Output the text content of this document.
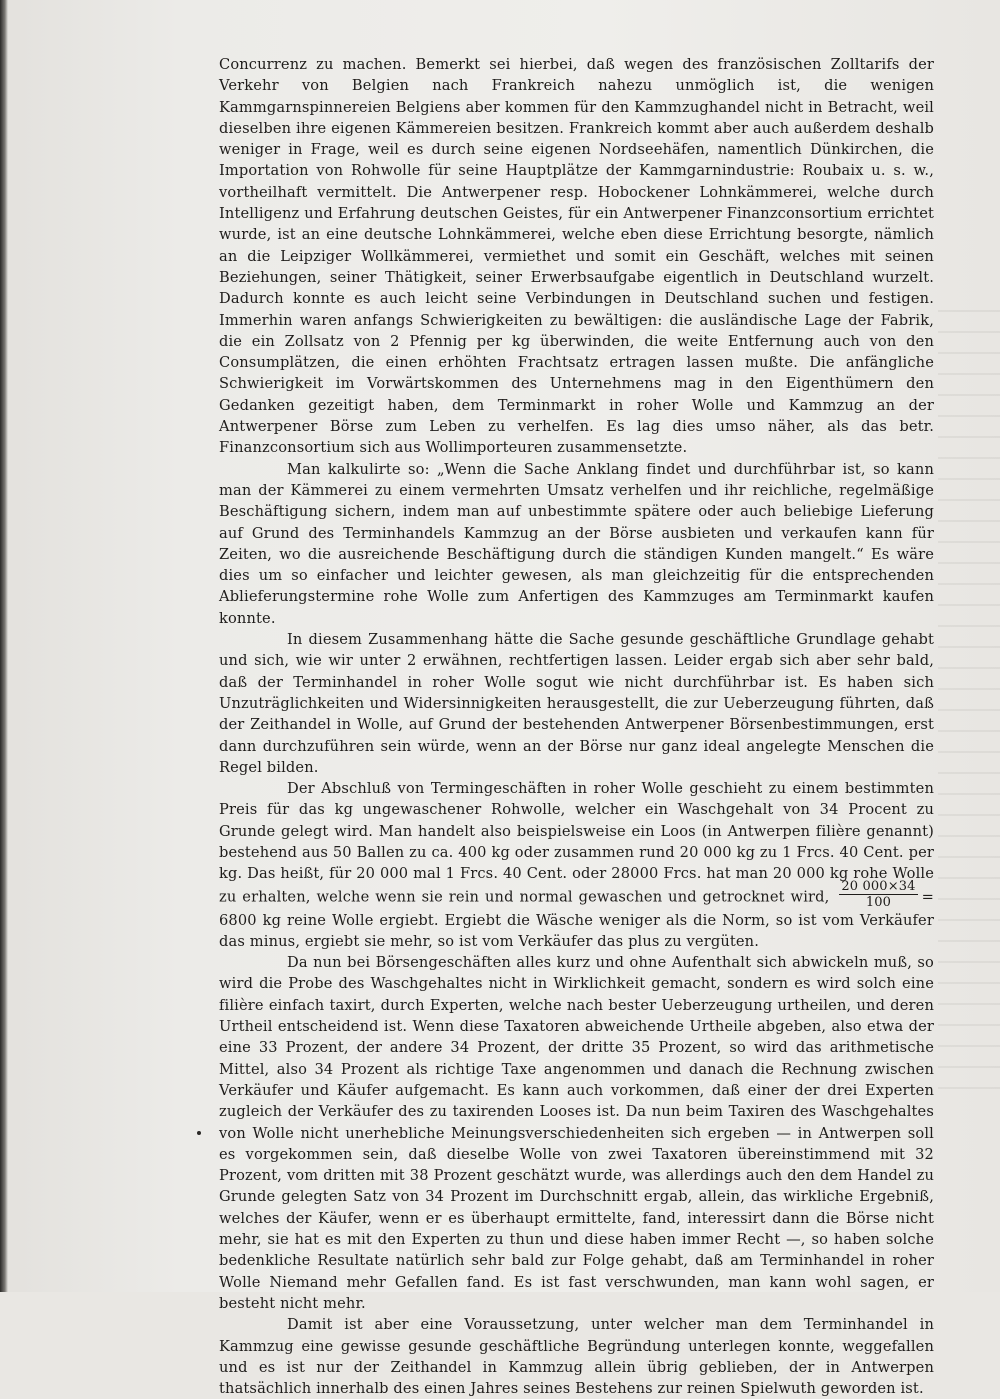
Concurrenz zu machen. Bemerkt sei hierbei, daß wegen des französischen Zolltarifs der Verkehr von Belgien nach Frankreich nahezu unmöglich ist, die wenigen Kammgarnspinnereien Belgiens aber kommen für den Kammzughandel nicht in Betracht, weil dieselben ihre eigenen Kämmereien besitzen. Frankreich kommt aber auch außerdem deshalb weniger in Frage, weil es durch seine eigenen Nordseehäfen, namentlich Dünkirchen, die Importation von Rohwolle für seine Hauptplätze der Kammgarnindustrie: Roubaix u. s. w., vortheilhaft vermittelt. Die Antwerpener resp. Hobockener Lohnkämmerei, welche durch Intelligenz und Erfahrung deutschen Geistes, für ein Antwerpener Finanzconsortium errichtet wurde, ist an eine deutsche Lohnkämmerei, welche eben diese Errichtung besorgte, nämlich an die Leipziger Wollkämmerei, vermiethet und somit ein Geschäft, welches mit seinen Beziehungen, seiner Thätigkeit, seiner Erwerbsaufgabe eigentlich in Deutschland wurzelt. Dadurch konnte es auch leicht seine Verbindungen in Deutschland suchen und festigen. Immerhin waren anfangs Schwierigkeiten zu bewältigen: die ausländische Lage der Fabrik, die ein Zollsatz von 2 Pfennig per kg überwinden, die weite Entfernung auch von den Consumplätzen, die einen erhöhten Frachtsatz ertragen lassen mußte. Die anfängliche Schwierigkeit im Vorwärtskommen des Unternehmens mag in den Eigenthümern den Gedanken gezeitigt haben, dem Terminmarkt in roher Wolle und Kammzug an der Antwerpener Börse zum Leben zu verhelfen. Es lag dies umso näher, als das betr. Finanzconsortium sich aus Wollimporteuren zusammensetzte.

Man kalkulirte so: „Wenn die Sache Anklang findet und durchführbar ist, so kann man der Kämmerei zu einem vermehrten Umsatz verhelfen und ihr reichliche, regelmäßige Beschäftigung sichern, indem man auf unbestimmte spätere oder auch beliebige Lieferung auf Grund des Terminhandels Kammzug an der Börse ausbieten und verkaufen kann für Zeiten, wo die ausreichende Beschäftigung durch die ständigen Kunden mangelt.“ Es wäre dies um so einfacher und leichter gewesen, als man gleichzeitig für die entsprechenden Ablieferungstermine rohe Wolle zum Anfertigen des Kammzuges am Terminmarkt kaufen konnte.

In diesem Zusammenhang hätte die Sache gesunde geschäftliche Grundlage gehabt und sich, wie wir unter 2 erwähnen, rechtfertigen lassen. Leider ergab sich aber sehr bald, daß der Terminhandel in roher Wolle sogut wie nicht durchführbar ist. Es haben sich Unzuträglichkeiten und Widersinnigkeiten herausgestellt, die zur Ueberzeugung führten, daß der Zeithandel in Wolle, auf Grund der bestehenden Antwerpener Börsenbestimmungen, erst dann durchzuführen sein würde, wenn an der Börse nur ganz ideal angelegte Menschen die Regel bilden.

Der Abschluß von Termingeschäften in roher Wolle geschieht zu einem bestimmten Preis für das kg ungewaschener Rohwolle, welcher ein Waschgehalt von 34 Procent zu Grunde gelegt wird. Man handelt also beispielsweise ein Loos (in Antwerpen filière genannt) bestehend aus 50 Ballen zu ca. 400 kg oder zusammen rund 20 000 kg zu 1 Frcs. 40 Cent. per kg. Das heißt, für 20 000 mal 1 Frcs. 40 Cent. oder 28000 Frcs. hat man 20 000 kg rohe Wolle zu erhalten, welche wenn sie rein und normal gewaschen und getrocknet wird, $\frac{20 000\times 34}{100} = 6800$ kg reine Wolle ergiebt. Ergiebt die Wäsche weniger als die Norm, so ist vom Verkäufer das minus, ergiebt sie mehr, so ist vom Verkäufer das plus zu vergüten.

Da nun bei Börsengeschäften alles kurz und ohne Aufenthalt sich abwickeln muß, so wird die Probe des Waschgehaltes nicht in Wirklichkeit gemacht, sondern es wird solch eine filière einfach taxirt, durch Experten, welche nach bester Ueberzeugung urtheilen, und deren Urtheil entscheidend ist. Wenn diese Taxatoren abweichende Urtheile abgeben, also etwa der eine 33 Prozent, der andere 34 Prozent, der dritte 35 Prozent, so wird das arithmetische Mittel, also 34 Prozent als richtige Taxe angenommen und danach die Rechnung zwischen Verkäufer und Käufer aufgemacht. Es kann auch vorkommen, daß einer der drei Experten zugleich der Verkäufer des zu taxirenden Looses ist. Da nun beim Taxiren des Waschgehaltes von Wolle nicht unerhebliche Meinungsverschiedenheiten sich ergeben — in Antwerpen soll es vorgekommen sein, daß dieselbe Wolle von zwei Taxatoren übereinstimmend mit 32 Prozent, vom dritten mit 38 Prozent geschätzt wurde, was allerdings auch den dem Handel zu Grunde gelegten Satz von 34 Prozent im Durchschnitt ergab, allein, das wirkliche Ergebniß, welches der Käufer, wenn er es überhaupt ermittelte, fand, interessirt dann die Börse nicht mehr, sie hat es mit den Experten zu thun und diese haben immer Recht —, so haben solche bedenkliche Resultate natürlich sehr bald zur Folge gehabt, daß am Terminhandel in roher Wolle Niemand mehr Gefallen fand. Es ist fast verschwunden, man kann wohl sagen, er besteht nicht mehr.

Damit ist aber eine Voraussetzung, unter welcher man dem Terminhandel in Kammzug eine gewisse gesunde geschäftliche Begründung unterlegen konnte, weggefallen und es ist nur der Zeithandel in Kammzug allein übrig geblieben, der in Antwerpen thatsächlich innerhalb des einen Jahres seines Bestehens zur reinen Spielwuth geworden ist.
